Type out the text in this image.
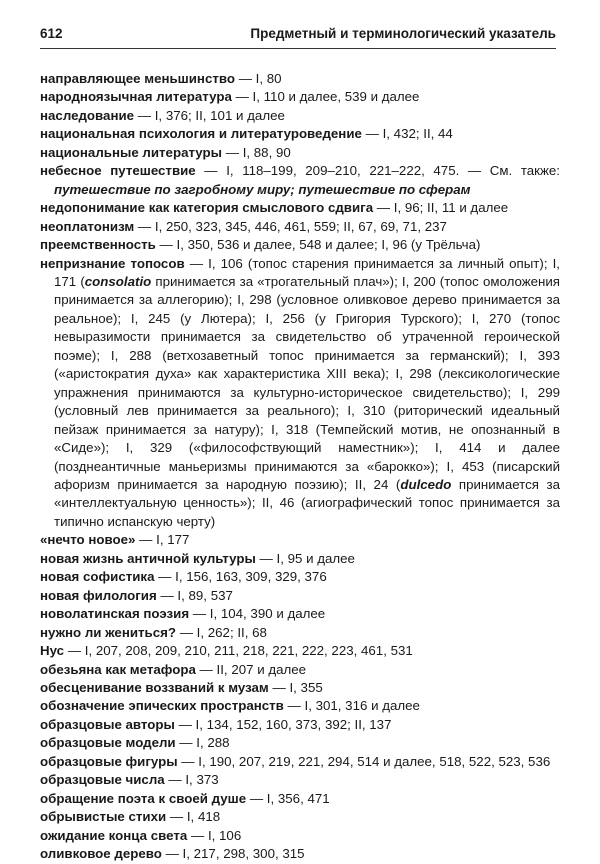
612	Предметный и терминологический указатель
направляющее меньшинство — I, 80
народноязычная литература — I, 110 и далее, 539 и далее
наследование — I, 376; II, 101 и далее
национальная психология и литературоведение — I, 432; II, 44
национальные литературы — I, 88, 90
небесное путешествие — I, 118–199, 209–210, 221–222, 475. — См. также: путешествие по загробному миру; путешествие по сферам
недопонимание как категория смыслового сдвига — I, 96; II, 11 и далее
неоплатонизм — I, 250, 323, 345, 446, 461, 559; II, 67, 69, 71, 237
преемственность — I, 350, 536 и далее, 548 и далее; I, 96 (у Трёльча)
непризнание топосов — I, 106 (топос старения принимается за личный опыт); I, 171 (consolatio принимается за «трогательный плач»); I, 200 (топос омоложения принимается за аллегорию); I, 298 (условное оливковое дерево принимается за реальное); I, 245 (у Лютера); I, 256 (у Григория Турского); I, 270 (топос невыразимости принимается за свидетельство об утраченной героической поэме); I, 288 (ветхозаветный топос принимается за германский); I, 393 («аристократия духа» как характеристика XIII века); I, 298 (лексикологические упражнения принимаются за культурно-историческое свидетельство); I, 299 (условный лев принимается за реального); I, 310 (риторический идеальный пейзаж принимается за натуру); I, 318 (Темпейский мотив, не опознанный в «Сиде»); I, 329 («философствующий наместник»); I, 414 и далее (позднеантичные маньеризмы принимаются за «барокко»); I, 453 (писарский афоризм принимается за народную поэзию); II, 24 (dulcedo принимается за «интеллектуальную ценность»); II, 46 (агиографический топос принимается за типично испанскую черту)
«нечто новое» — I, 177
новая жизнь античной культуры — I, 95 и далее
новая софистика — I, 156, 163, 309, 329, 376
новая филология — I, 89, 537
новолатинская поэзия — I, 104, 390 и далее
нужно ли жениться? — I, 262; II, 68
Нус — I, 207, 208, 209, 210, 211, 218, 221, 222, 223, 461, 531
обезьяна как метафора — II, 207 и далее
обесценивание воззваний к музам — I, 355
обозначение эпических пространств — I, 301, 316 и далее
образцовые авторы — I, 134, 152, 160, 373, 392; II, 137
образцовые модели — I, 288
образцовые фигуры — I, 190, 207, 219, 221, 294, 514 и далее, 518, 522, 523, 536
образцовые числа — I, 373
обращение поэта к своей душе — I, 356, 471
обрывистые стихи — I, 418
ожидание конца света — I, 106
оливковое дерево — I, 217, 298, 300, 315
